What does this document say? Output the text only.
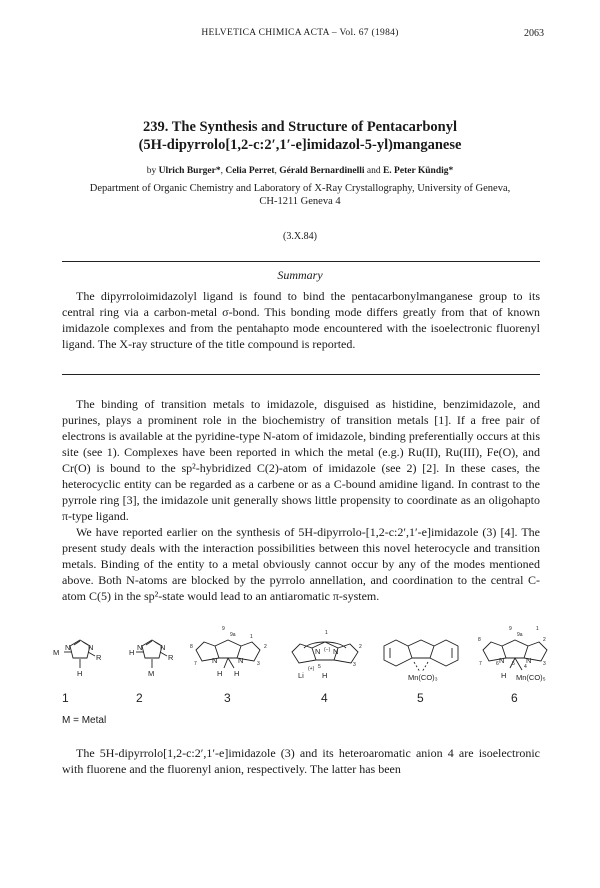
HELVETICA CHIMICA ACTA – Vol. 67 (1984)	2063
239. The Synthesis and Structure of Pentacarbonyl
(5H-dipyrrolo[1,2-c:2′,1′-e]imidazol-5-yl)manganese
by Ulrich Burger*, Celia Perret, Gérald Bernardinelli and E. Peter Kündig*
Department of Organic Chemistry and Laboratory of X-Ray Crystallography, University of Geneva,
CH-1211 Geneva 4
(3.X.84)
Summary
The dipyrroloimidazolyl ligand is found to bind the pentacarbonylmanganese group to its central ring via a carbon-metal σ-bond. This bonding mode differs greatly from that of known imidazole complexes and from the pentahapto mode encountered with the isoelectronic fluorenyl ligand. The X-ray structure of the title compound is reported.

The binding of transition metals to imidazole, disguised as histidine, benzimidazole, and purines, plays a prominent role in the biochemistry of transition metals [1]. If a free pair of electrons is available at the pyridine-type N-atom of imidazole, binding preferentially occurs at this site (see 1). Complexes have been reported in which the metal (e.g.) Ru(II), Ru(III), Fe(O), and Cr(O) is bound to the sp²-hybridized C(2)-atom of imidazole (see 2) [2]. In these cases, the heterocyclic entity can be regarded as a carbene or as a C-bound amidine ligand. In contrast to the pyrrole ring [3], the imidazole unit generally shows little propensity to coordinate as an oligohapto π-type ligand.

We have reported earlier on the synthesis of 5H-dipyrrolo-[1,2-c:2′,1′-e]imidazole (3) [4]. The present study deals with the interaction possibilities between this novel heterocycle and transition metals. Binding of the entity to a metal obviously cannot occur by any of the modes mentioned above. Both N-atoms are blocked by the pyrrolo annellation, and coordination to the central C-atom C(5) in the sp²-state would lead to an antiaromatic π-system.

M
N N
R
H
H
N N
R
M
9
9a	1
2
3
8
7 N	N
H H
1
2
3
5
N N
(−)
(+)
Li H	Mn(CO)₃
9
9a
1
2
3
4
5
6
7
8
N	N
H Mn(CO)₅
1	2	3	4	5	6
M = Metal

The 5H-dipyrrolo[1,2-c:2′,1′-e]imidazole (3) and its heteroaromatic anion 4 are isoelectronic with fluorene and the fluorenyl anion, respectively. The latter has been
